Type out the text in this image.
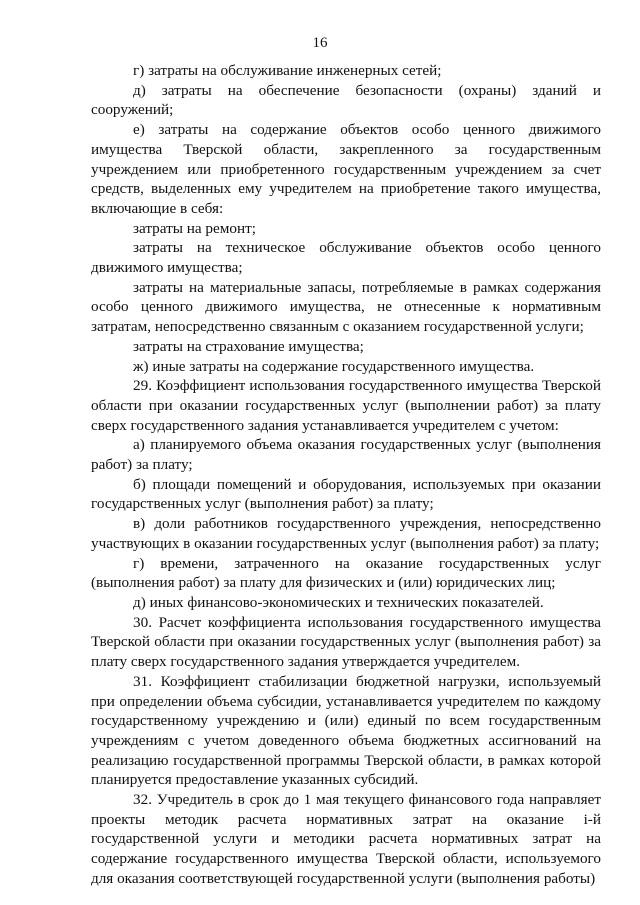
16

г) затраты на обслуживание инженерных сетей;

д) затраты на обеспечение безопасности (охраны) зданий и сооружений;

е) затраты на содержание объектов особо ценного движимого имущества Тверской области, закрепленного за государственным учреждением или приобретенного государственным учреждением за счет средств, выделенных ему учредителем на приобретение такого имущества, включающие в себя:

затраты на ремонт;

затраты на техническое обслуживание объектов особо ценного движимого имущества;

затраты на материальные запасы, потребляемые в рамках содержания особо ценного движимого имущества, не отнесенные к нормативным затратам, непосредственно связанным с оказанием государственной услуги;

затраты на страхование имущества;

ж) иные затраты на содержание государственного имущества.

29. Коэффициент использования государственного имущества Тверской области при оказании государственных услуг (выполнении работ) за плату сверх государственного задания устанавливается учредителем с учетом:

а) планируемого объема оказания государственных услуг (выполнения работ) за плату;

б) площади помещений и оборудования, используемых при оказании государственных услуг (выполнения работ) за плату;

в) доли работников государственного учреждения, непосредственно участвующих в оказании государственных услуг (выполнения работ) за плату;

г) времени, затраченного на оказание государственных услуг (выполнения работ) за плату для физических и (или) юридических лиц;

д) иных финансово-экономических и технических показателей.

30. Расчет коэффициента использования государственного имущества Тверской области при оказании государственных услуг (выполнения работ) за плату сверх государственного задания утверждается учредителем.

31. Коэффициент стабилизации бюджетной нагрузки, используемый при определении объема субсидии, устанавливается учредителем по каждому государственному учреждению и (или) единый по всем государственным учреждениям с учетом доведенного объема бюджетных ассигнований на реализацию государственной программы Тверской области, в рамках которой планируется предоставление указанных субсидий.

32. Учредитель в срок до 1 мая текущего финансового года направляет проекты методик расчета нормативных затрат на оказание i-й государственной услуги и методики расчета нормативных затрат на содержание государственного имущества Тверской области, используемого для оказания соответствующей государственной услуги (выполнения работы)
